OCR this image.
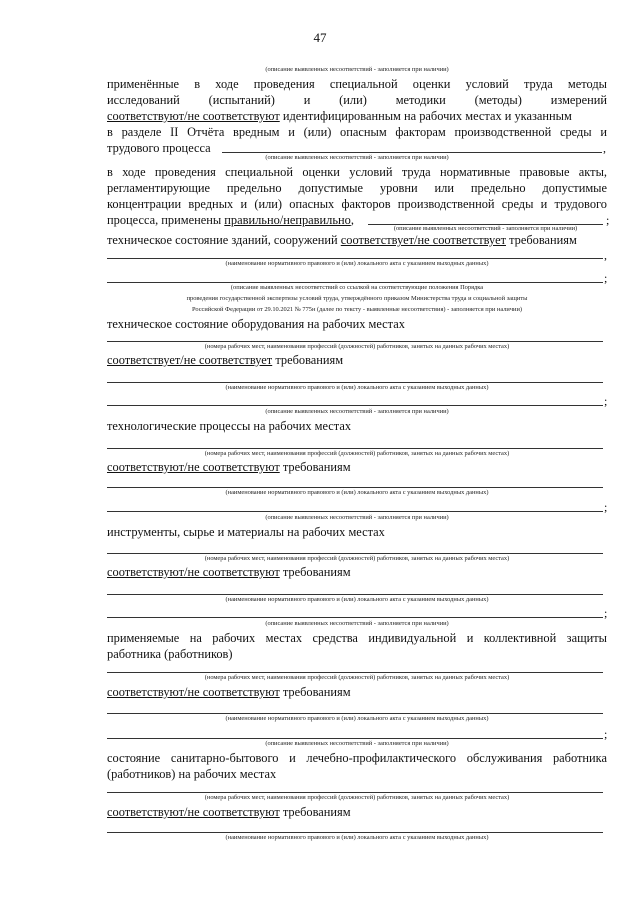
47
(описание выявленных несоответствий - заполняется при наличии)
применённые в ходе проведения специальной оценки условий труда методы
исследований (испытаний) и (или) методики (методы) измерений
соответствуют/не соответствуют идентифицированным на рабочих местах и указанным
в разделе II Отчёта вредным и (или) опасным факторам производственной среды и
трудового процесса	,
(описание выявленных несоответствий - заполняется при наличии)
в ходе проведения специальной оценки условий труда нормативные правовые акты,
регламентирующие предельно допустимые уровни или предельно допустимые
концентрации вредных и (или) опасных факторов производственной среды и трудового
процесса, применены правильно/неправильно,	;
(описание выявленных несоответствий - заполняется при наличии)
техническое состояние зданий, сооружений соответствует/не соответствует требованиям
,
(наименование нормативного правового и (или) локального акта с указанием выходных данных)
;
(описание выявленных несоответствий со ссылкой на соответствующие положения Порядка
проведения государственной экспертизы условий труда, утверждённого приказом Министерства труда и социальной защиты
Российской Федерации от 29.10.2021 № 775н (далее по тексту - выявленные несоответствия) - заполняется при наличии)
техническое состояние оборудования на рабочих местах
(номера рабочих мест, наименования профессий (должностей) работников, занятых на данных рабочих местах)
соответствует/не соответствует требованиям
(наименование нормативного правового и (или) локального акта с указанием выходных данных)
;
(описание выявленных несоответствий - заполняется при наличии)
технологические процессы на рабочих местах
(номера рабочих мест, наименования профессий (должностей) работников, занятых на данных рабочих местах)
соответствуют/не соответствуют требованиям
(наименование нормативного правового и (или) локального акта с указанием выходных данных)
;
(описание выявленных несоответствий - заполняется при наличии)
инструменты, сырье и материалы на рабочих местах
(номера рабочих мест, наименования профессий (должностей) работников, занятых на данных рабочих местах)
соответствуют/не соответствуют требованиям
(наименование нормативного правового и (или) локального акта с указанием выходных данных)
;
(описание выявленных несоответствий - заполняется при наличии)
применяемые на рабочих местах средства индивидуальной и коллективной защиты
работника (работников)
(номера рабочих мест, наименования профессий (должностей) работников, занятых на данных рабочих местах)
соответствуют/не соответствуют требованиям
(наименование нормативного правового и (или) локального акта с указанием выходных данных)
;
(описание выявленных несоответствий - заполняется при наличии)
состояние санитарно-бытового и лечебно-профилактического обслуживания работника
(работников) на рабочих местах
(номера рабочих мест, наименования профессий (должностей) работников, занятых на данных рабочих местах)
соответствуют/не соответствуют требованиям
(наименование нормативного правового и (или) локального акта с указанием выходных данных)
